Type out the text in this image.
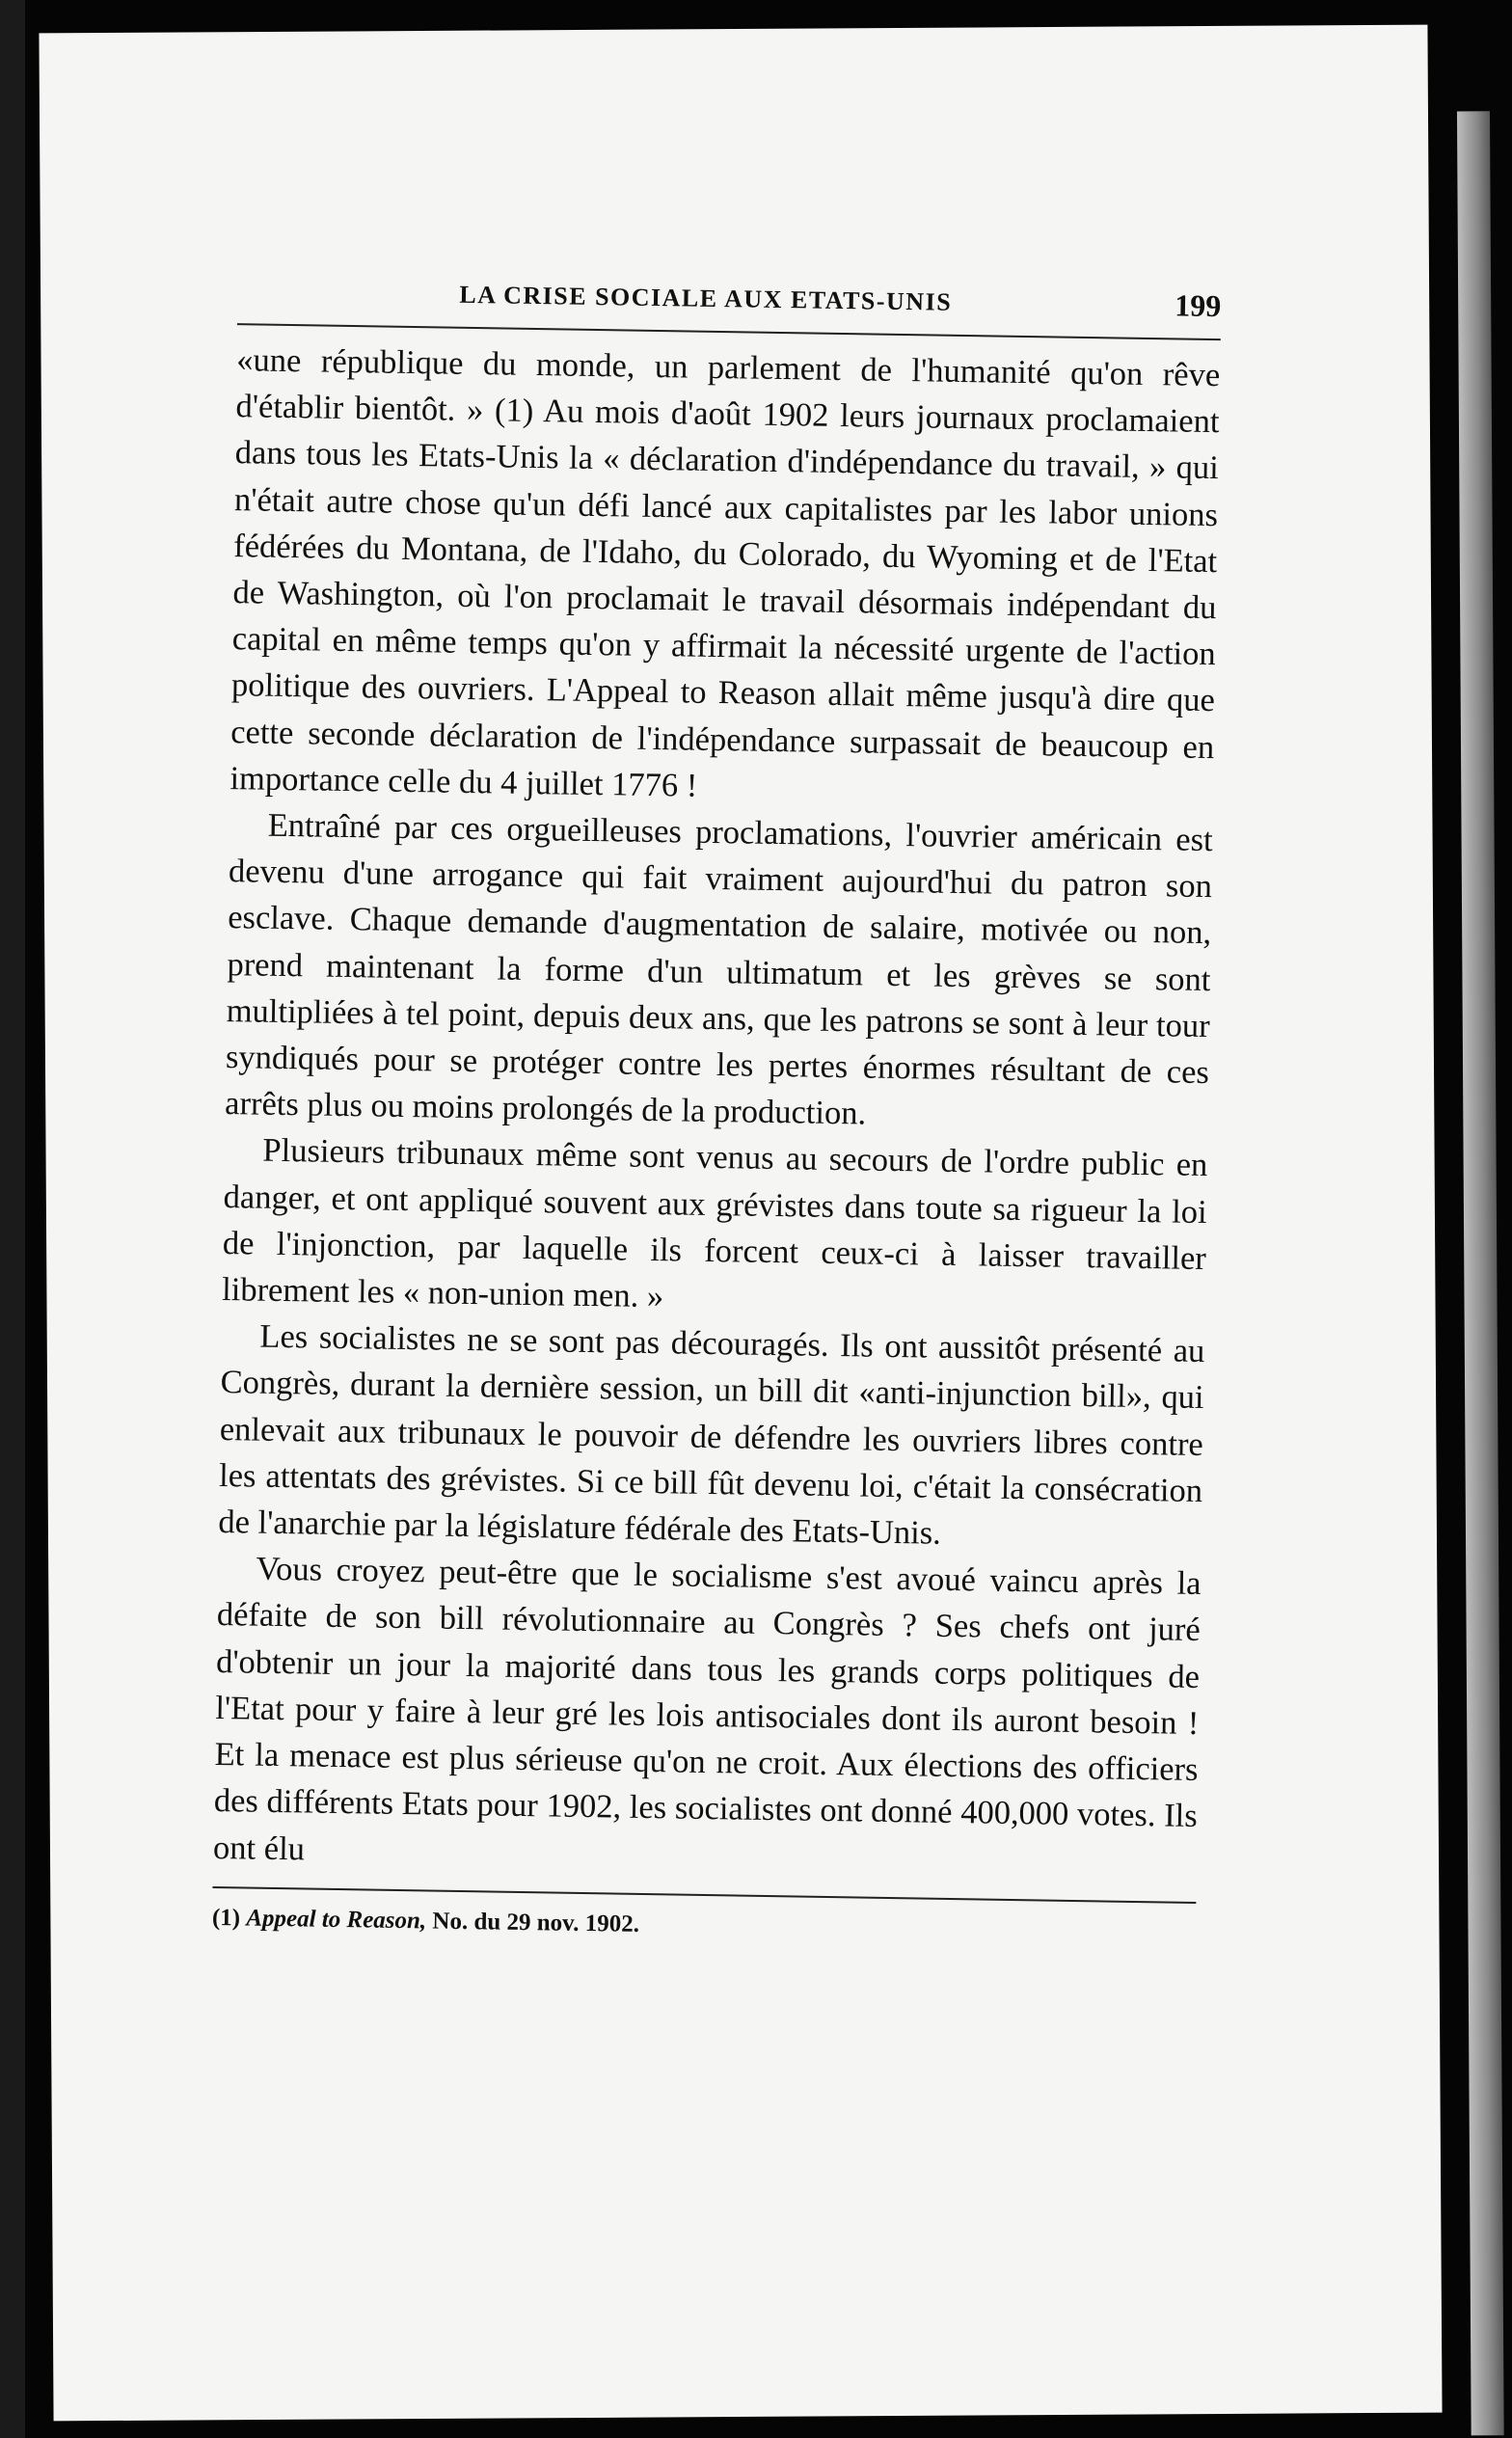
LA CRISE SOCIALE AUX ETATS-UNIS	199

«une république du monde, un parlement de l'humanité qu'on rêve d'établir bientôt. » (1) Au mois d'août 1902 leurs journaux proclamaient dans tous les Etats-Unis la « déclaration d'indépendance du travail, » qui n'était autre chose qu'un défi lancé aux capitalistes par les labor unions fédérées du Montana, de l'Idaho, du Colorado, du Wyoming et de l'Etat de Washington, où l'on proclamait le travail désormais indépendant du capital en même temps qu'on y affirmait la nécessité urgente de l'action politique des ouvriers. L'Appeal to Reason allait même jusqu'à dire que cette seconde déclaration de l'indépendance surpassait de beaucoup en importance celle du 4 juillet 1776 !

Entraîné par ces orgueilleuses proclamations, l'ouvrier américain est devenu d'une arrogance qui fait vraiment aujourd'hui du patron son esclave. Chaque demande d'augmentation de salaire, motivée ou non, prend maintenant la forme d'un ultimatum et les grèves se sont multipliées à tel point, depuis deux ans, que les patrons se sont à leur tour syndiqués pour se protéger contre les pertes énormes résultant de ces arrêts plus ou moins prolongés de la production.

Plusieurs tribunaux même sont venus au secours de l'ordre public en danger, et ont appliqué souvent aux grévistes dans toute sa rigueur la loi de l'injonction, par laquelle ils forcent ceux-ci à laisser travailler librement les « non-union men. »

Les socialistes ne se sont pas découragés. Ils ont aussitôt présenté au Congrès, durant la dernière session, un bill dit «anti-injunction bill», qui enlevait aux tribunaux le pouvoir de défendre les ouvriers libres contre les attentats des grévistes. Si ce bill fût devenu loi, c'était la consécration de l'anarchie par la législature fédérale des Etats-Unis.

Vous croyez peut-être que le socialisme s'est avoué vaincu après la défaite de son bill révolutionnaire au Congrès ? Ses chefs ont juré d'obtenir un jour la majorité dans tous les grands corps politiques de l'Etat pour y faire à leur gré les lois antisociales dont ils auront besoin ! Et la menace est plus sérieuse qu'on ne croit. Aux élections des officiers des différents Etats pour 1902, les socialistes ont donné 400,000 votes. Ils ont élu

(1) Appeal to Reason, No. du 29 nov. 1902.
